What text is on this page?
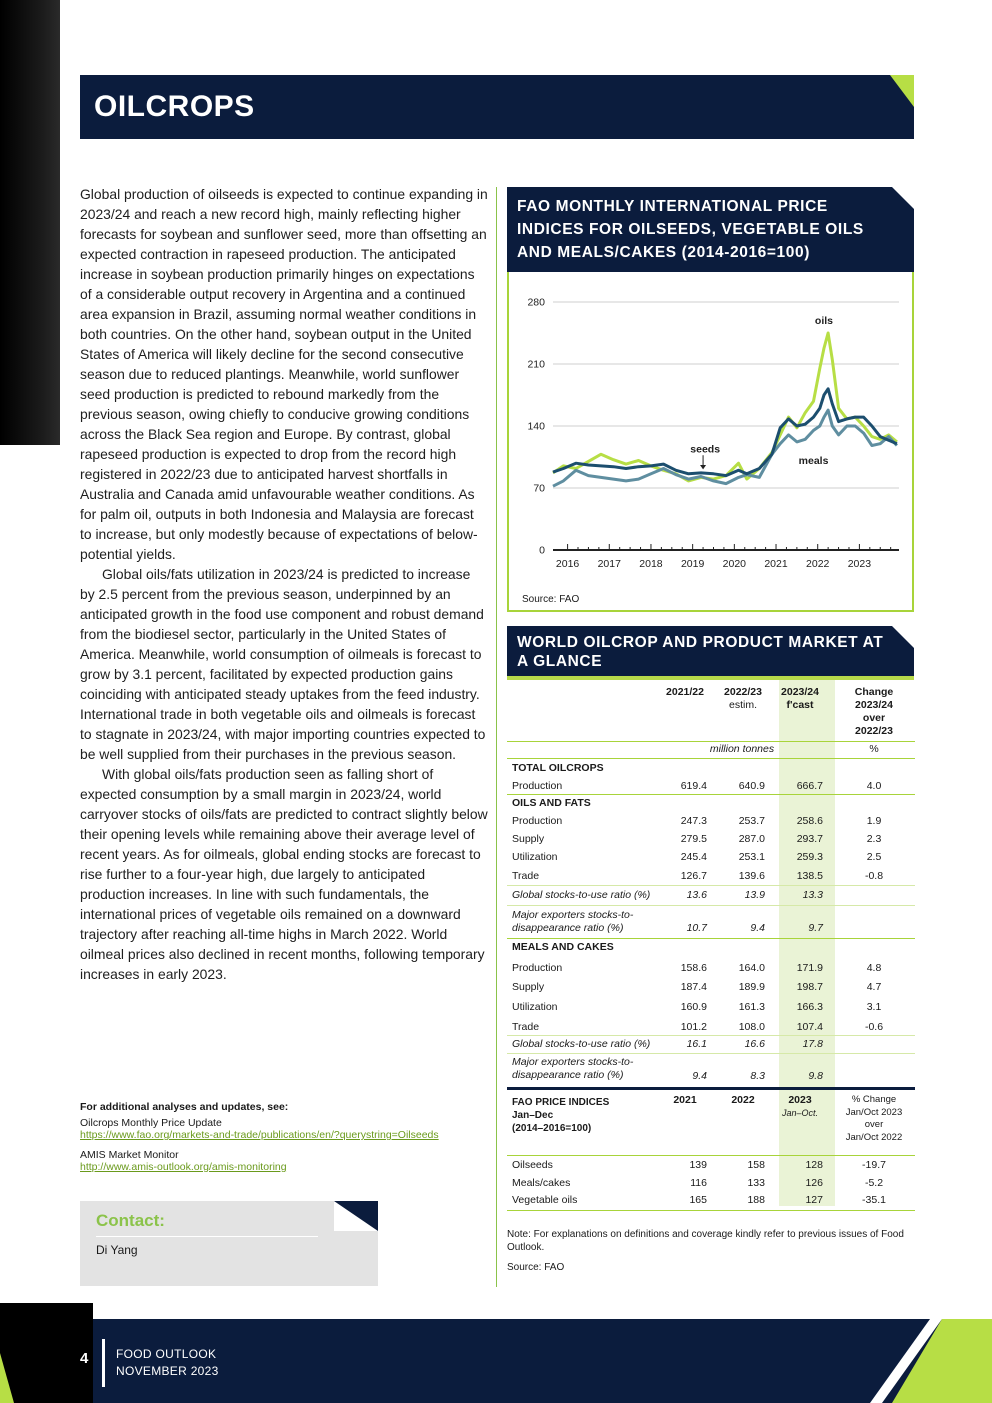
OILCROPS

Global production of oilseeds is expected to continue expanding in 2023/24 and reach a new record high, mainly reflecting higher forecasts for soybean and sunflower seed, more than offsetting an expected contraction in rapeseed production. The anticipated increase in soybean production primarily hinges on expectations of a considerable output recovery in Argentina and a continued area expansion in Brazil, assuming normal weather conditions in both countries. On the other hand, soybean output in the United States of America will likely decline for the second consecutive season due to reduced plantings. Meanwhile, world sunflower seed production is predicted to rebound markedly from the previous season, owing chiefly to conducive growing conditions across the Black Sea region and Europe. By contrast, global rapeseed production is expected to drop from the record high registered in 2022/23 due to anticipated harvest shortfalls in Australia and Canada amid unfavourable weather conditions. As for palm oil, outputs in both Indonesia and Malaysia are forecast to increase, but only modestly because of expectations of below-potential yields.

Global oils/fats utilization in 2023/24 is predicted to increase by 2.5 percent from the previous season, underpinned by an anticipated growth in the food use component and robust demand from the biodiesel sector, particularly in the United States of America. Meanwhile, world consumption of oilmeals is forecast to grow by 3.1 percent, facilitated by expected production gains coinciding with anticipated steady uptakes from the feed industry. International trade in both vegetable oils and oilmeals is forecast to stagnate in 2023/24, with major importing countries expected to be well supplied from their purchases in the previous season.

With global oils/fats production seen as falling short of expected consumption by a small margin in 2023/24, world carryover stocks of oils/fats are predicted to contract slightly below their opening levels while remaining above their average level of recent years. As for oilmeals, global ending stocks are forecast to rise further to a four-year high, due largely to anticipated production increases. In line with such fundamentals, the international prices of vegetable oils remained on a downward trajectory after reaching all-time highs in March 2022. World oilmeal prices also declined in recent months, following temporary increases in early 2023.

For additional analyses and updates, see:
Oilcrops Monthly Price Update
https://www.fao.org/markets-and-trade/publications/en/?querystring=Oilseeds
AMIS Market Monitor
http://www.amis-outlook.org/amis-monitoring
Contact:
Di Yang
FAO MONTHLY INTERNATIONAL PRICE INDICES FOR OILSEEDS, VEGETABLE OILS AND MEALS/CAKES (2014-2016=100)
0
70
140
210
280
2016 2017 2018 2019 2020 2021 2022 2023
oils
meals
seeds
Source: FAO
WORLD OILCROP AND PRODUCT MARKET AT A GLANCE
2021/22 2022/23
estim.
2023/24
f'cast
Change
2023/24
over
2022/23
million tonnes	%
TOTAL OILCROPS
Production	619.4	640.9	666.7	4.0
OILS AND FATS
Production	247.3	253.7	258.6	1.9
Supply	279.5	287.0	293.7	2.3
Utilization	245.4	253.1	259.3	2.5
Trade	126.7	139.6	138.5	-0.8
Global stocks-to-use ratio (%)	13.6	13.9	13.3
Major exporters stocks-to-
disappearance ratio (%)	10.7	9.4	9.7
MEALS AND CAKES
Production	158.6	164.0	171.9	4.8
Supply	187.4	189.9	198.7	4.7
Utilization	160.9	161.3	166.3	3.1
Trade	101.2	108.0	107.4	-0.6
Global stocks-to-use ratio (%)	16.1	16.6	17.8
Major exporters stocks-to-
disappearance ratio (%)	9.4	8.3	9.8
FAO PRICE INDICES
Jan–Dec
(2014–2016=100)
2021	2022	2023
Jan–Oct.
% Change
Jan/Oct 2023
over
Jan/Oct 2022
Oilseeds	139	158	128	-19.7
Meals/cakes	116	133	126	-5.2
Vegetable oils	165	188	127	-35.1
Note: For explanations on definitions and coverage kindly refer to previous issues of Food Outlook.
Source: FAO
4 FOOD OUTLOOK
NOVEMBER 2023
